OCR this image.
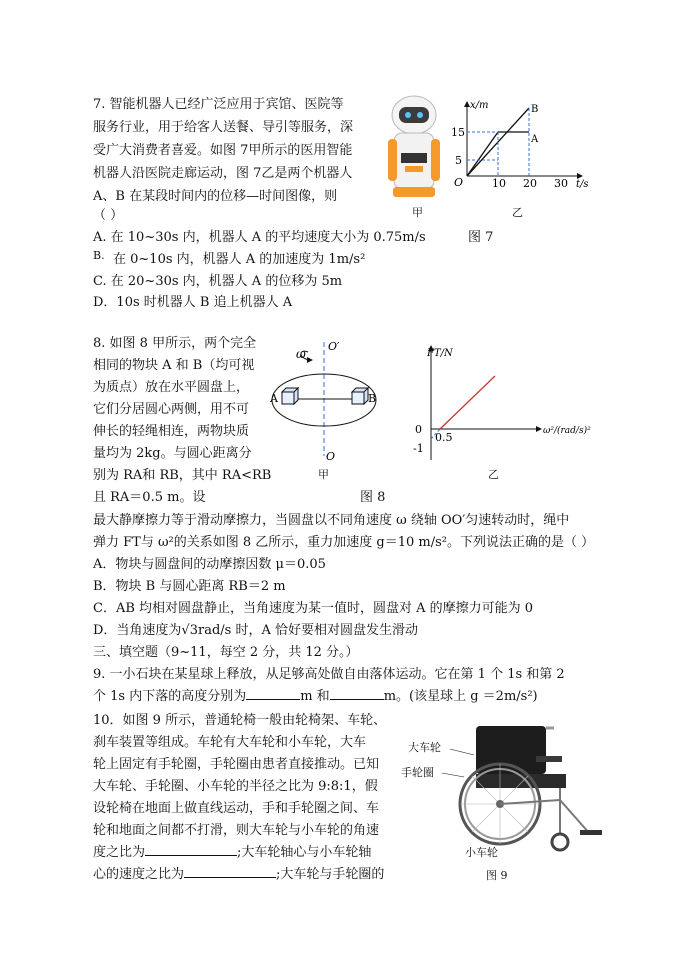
7. 智能机器人已经广泛应用于宾馆、医院等
服务行业，用于给客人送餐、导引等服务，深
受广大消费者喜爱。如图 7甲所示的医用智能
机器人沿医院走廊运动，图 7乙是两个机器人
A、B 在某段时间内的位移—时间图像，则
（ ）	甲
x/m
t/s
O
15
5
10 20 30
B
A
乙
A. 在 10~30s 内，机器人 A 的平均速度大小为 0.75m/s	图 7
B. 在 0~10s 内，机器人 A 的加速度为 1m/s²
C. 在 20~30s 内，机器人 A 的位移为 5m
D．10s 时机器人 B 追上机器人 A
8. 如图 8 甲所示，两个完全
相同的物块 A 和 B（均可视
为质点）放在水平圆盘上，
它们分居圆心两侧，用不可
伸长的轻绳相连，两物块质
量均为 2kg。与圆心距离分
别为 RA和 RB，其中 RA<RB
且 RA＝0.5 m。设
A	B
ω
O′
O
甲
FT/N
ω²/(rad/s)²
0
-1
0.5
乙
图 8
最大静摩擦力等于滑动摩擦力，当圆盘以不同角速度 ω 绕轴 OO′匀速转动时，绳中
弹力 FT与 ω²的关系如图 8 乙所示，重力加速度 g＝10 m/s²。下列说法正确的是（ ）
A．物块与圆盘间的动摩擦因数 μ＝0.05
B．物块 B 与圆心距离 RB＝2 m
C．AB 均相对圆盘静止，当角速度为某一值时，圆盘对 A 的摩擦力可能为 0
D．当角速度为√3rad/s 时，A 恰好要相对圆盘发生滑动
三、填空题（9~11，每空 2 分，共 12 分。）
9. 一小石块在某星球上释放，从足够高处做自由落体运动。它在第 1 个 1s 和第 2
个 1s 内下落的高度分别为	m 和	m。(该星球上 g ＝2m/s²)
10．如图 9 所示，普通轮椅一般由轮椅架、车轮、
刹车装置等组成。车轮有大车轮和小车轮，大车
轮上固定有手轮圈，手轮圈由患者直接推动。已知
大车轮、手轮圈、小车轮的半径之比为 9:8:1，假
设轮椅在地面上做直线运动，手和手轮圈之间、车
轮和地面之间都不打滑，则大车轮与小车轮的角速
度之比为	;大车轮轴心与小车轮轴
心的速度之比为	;大车轮与手轮圈的
大车轮
手轮圈
小车轮
图 9
